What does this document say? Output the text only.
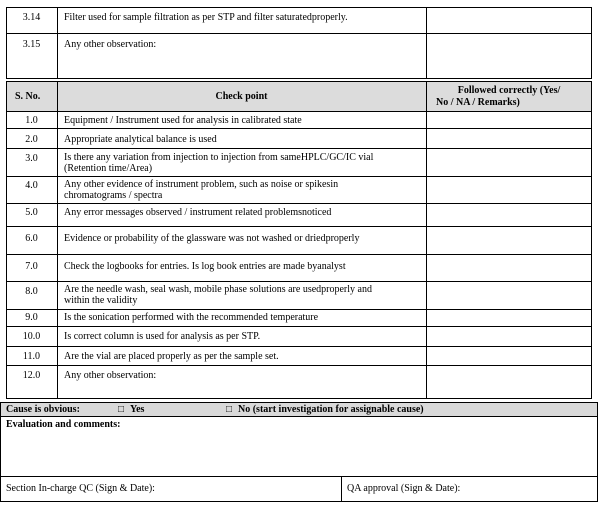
3.14	Filter used for sample filtration as per STP and filter saturatedproperly.
3.15	Any other observation:
S. No.	Check point
Followed correctly (Yes/
No / NA / Remarks)
1.0	Equipment / Instrument used for analysis in calibrated state
2.0	Appropriate analytical balance is used
3.0	Is there any variation from injection to injection from sameHPLC/GC/IC vial
(Retention time/Area)
4.0	Any other evidence of instrument problem, such as noise or spikesin
chromatograms / spectra
5.0	Any error messages observed / instrument related problemsnoticed
6.0	Evidence or probability of the glassware was not washed or driedproperly
7.0	Check the logbooks for entries. Is log book entries are made byanalyst
8.0	Are the needle wash, seal wash, mobile phase solutions are usedproperly and
within the validity
9.0	Is the sonication performed with the recommended temperature
10.0	Is correct column is used for analysis as per STP.
11.0	Are the vial are placed properly as per the sample set.
12.0	Any other observation:
Cause is obvious:	□ Yes	□ No (start investigation for assignable cause)
Evaluation and comments:
Section In-charge QC (Sign & Date):	QA approval (Sign & Date):
